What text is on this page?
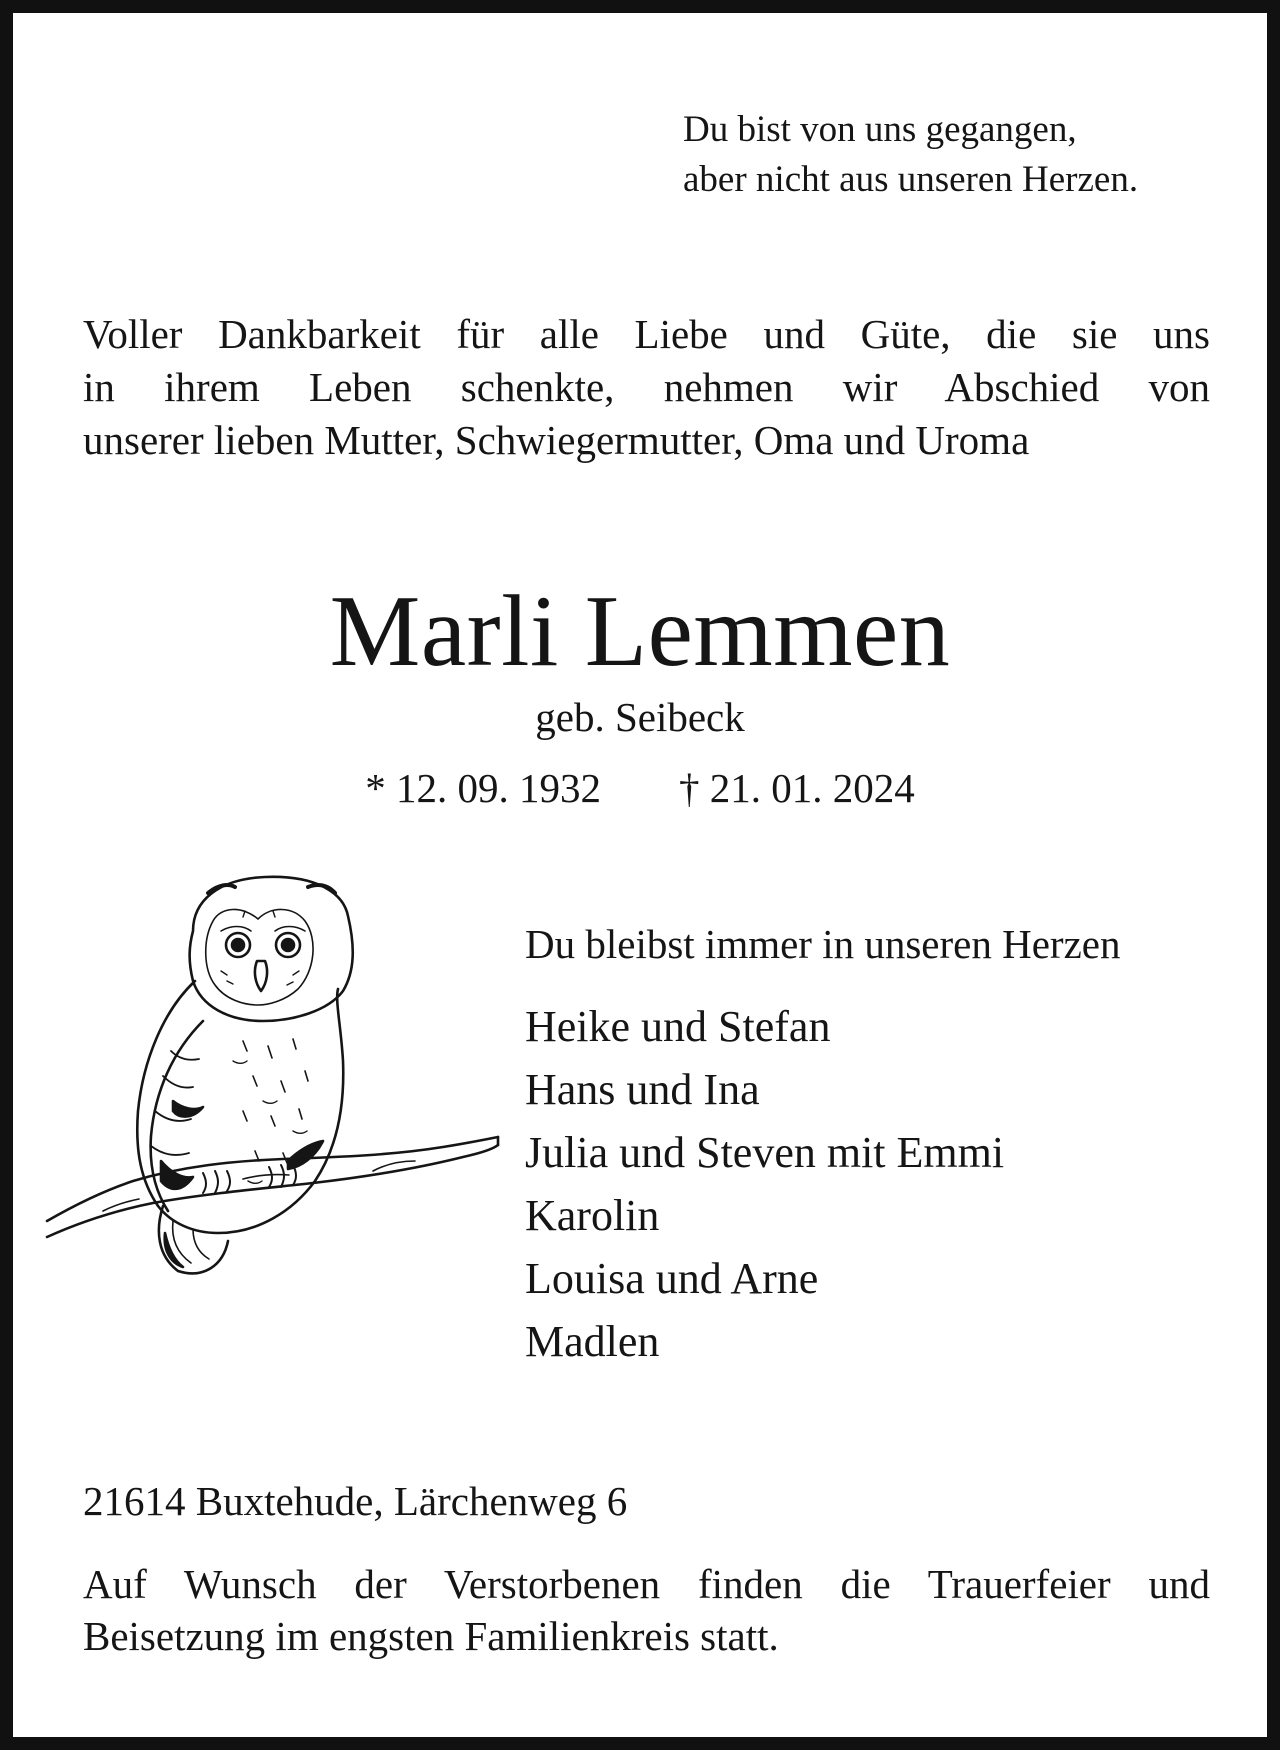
Du bist von uns gegangen,
aber nicht aus unseren Herzen.

Voller Dankbarkeit für alle Liebe und Güte, die sie uns
in ihrem Leben schenkte, nehmen wir Abschied von
unserer lieben Mutter, Schwiegermutter, Oma und Uroma

Marli Lemmen

geb. Seibeck

* 12. 09. 1932 † 21. 01. 2024

Du bleibst immer in unseren Herzen

Heike und Stefan
Hans und Ina
Julia und Steven mit Emmi
Karolin
Louisa und Arne
Madlen

21614 Buxtehude, Lärchenweg 6

Auf Wunsch der Verstorbenen finden die Trauerfeier und
Beisetzung im engsten Familienkreis statt.
